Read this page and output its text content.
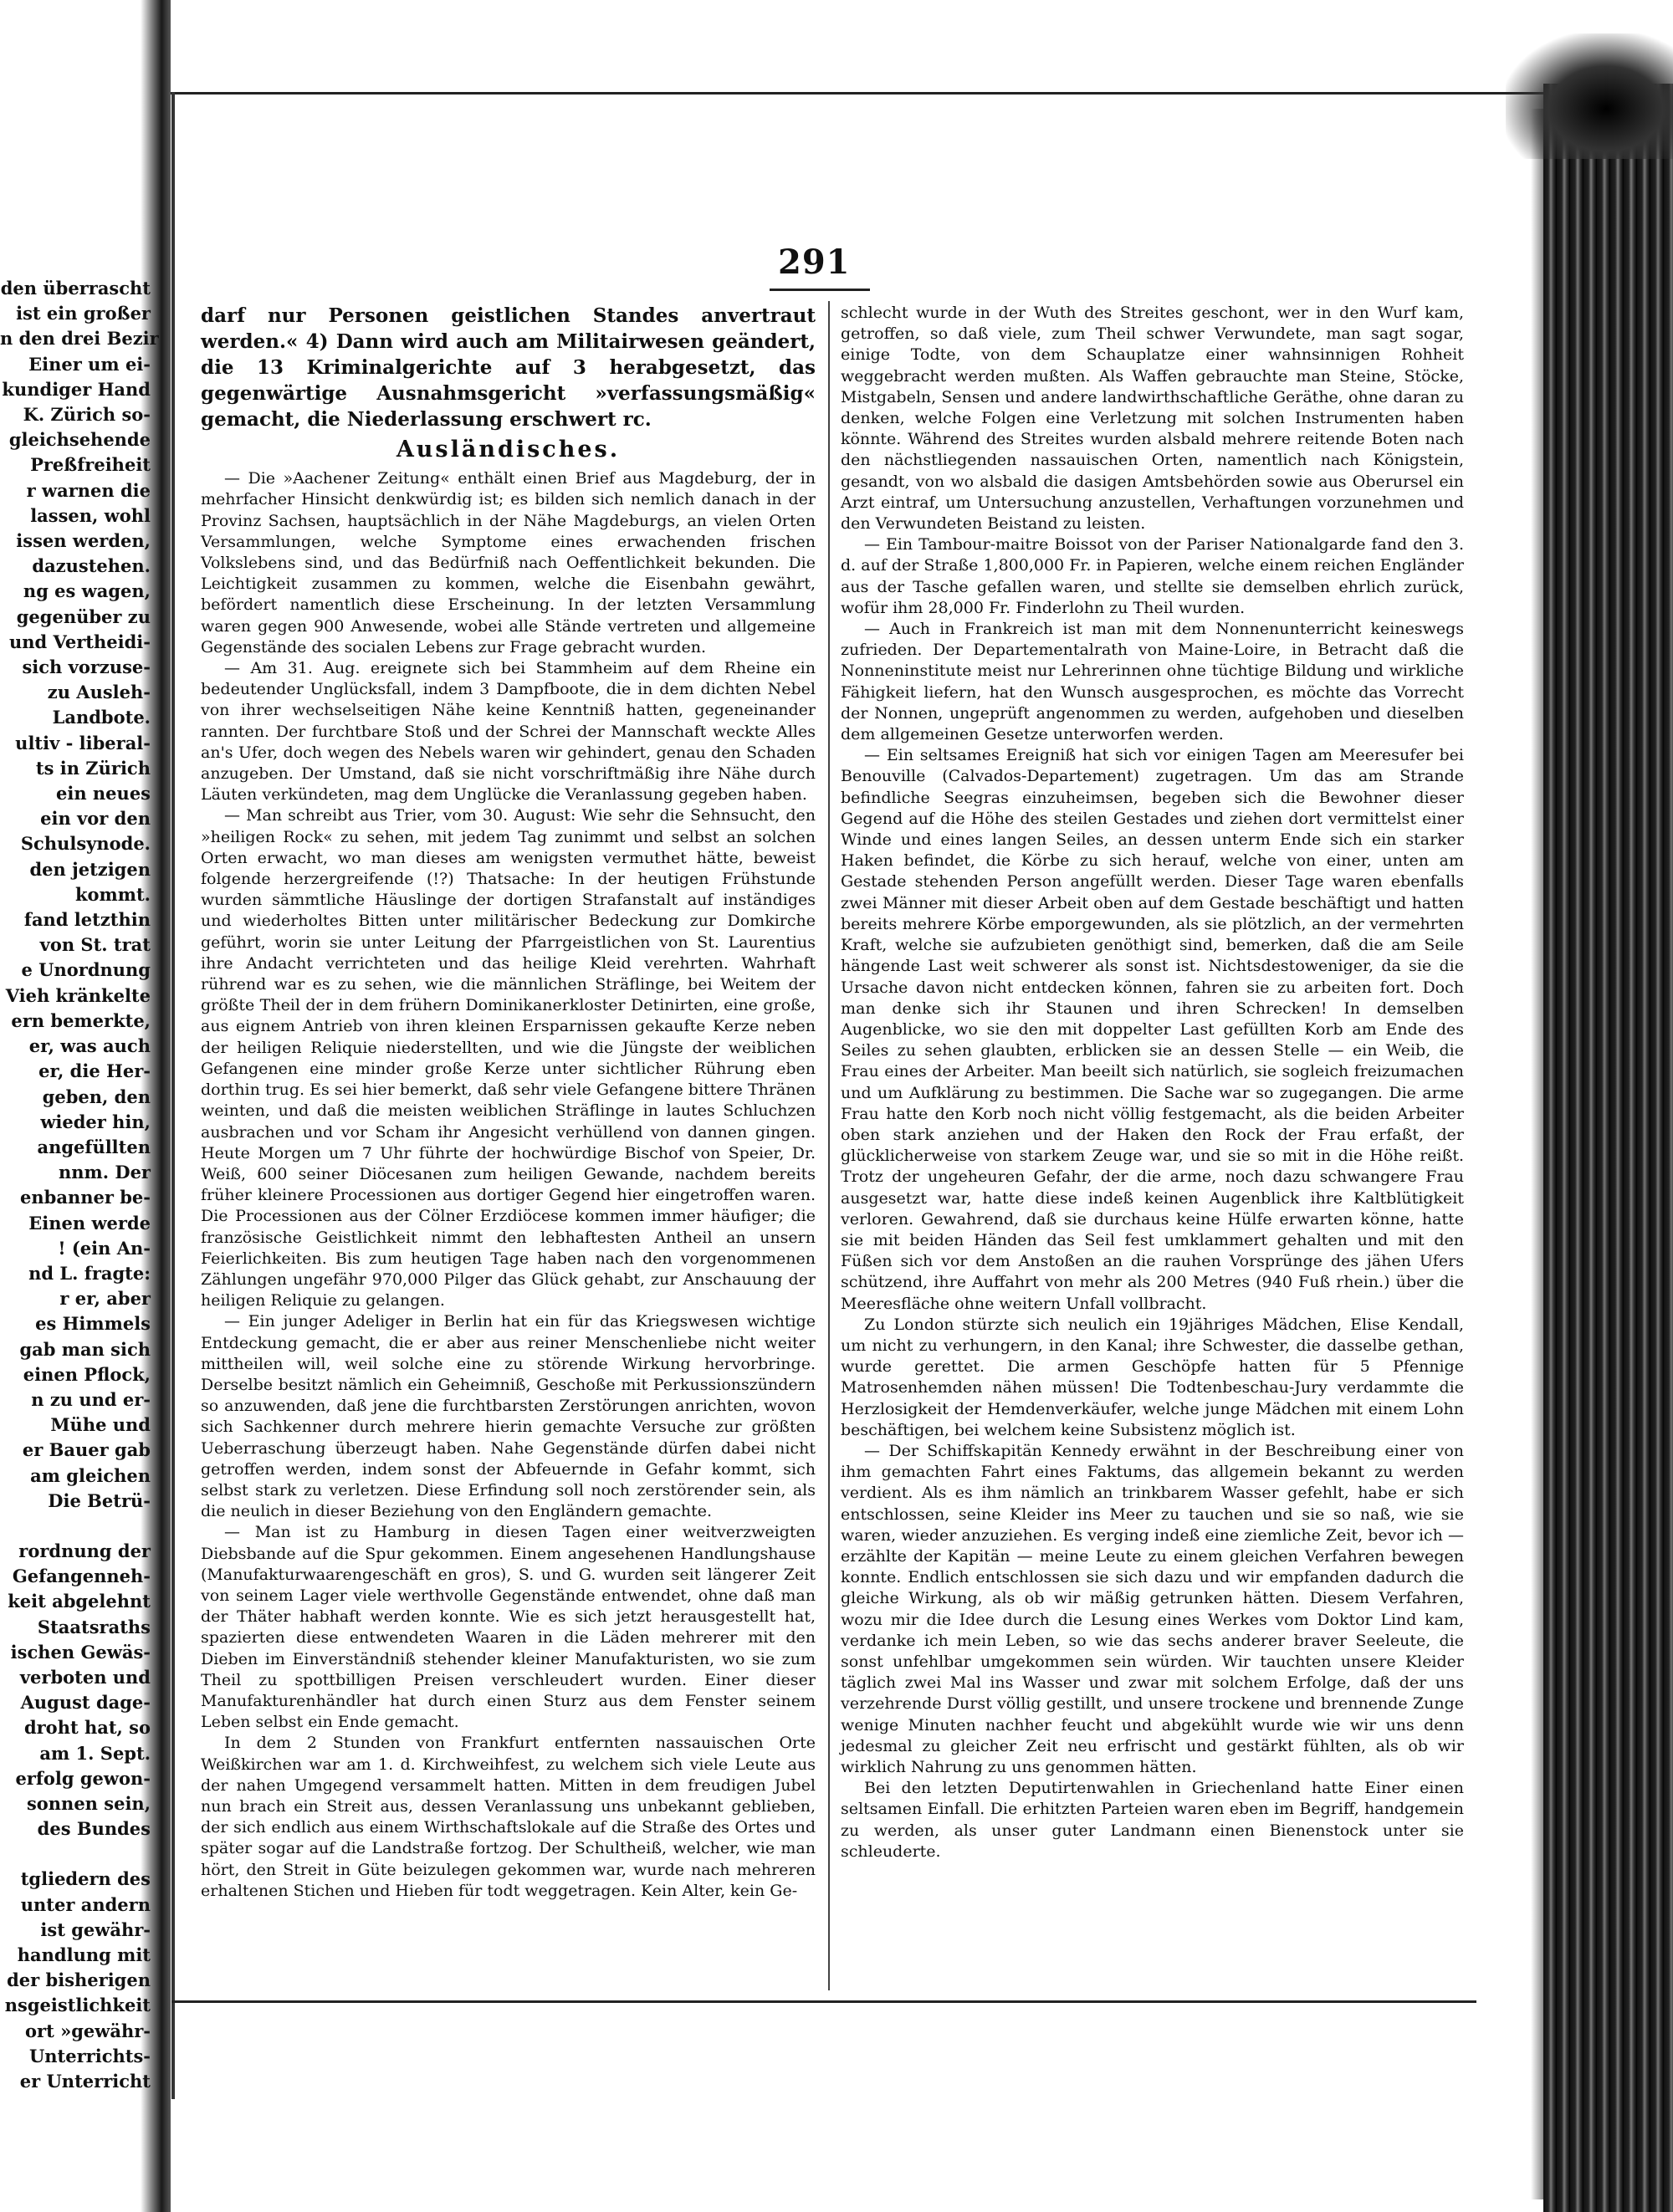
den überrascht
ist ein großer
n den drei Bezir
Einer um ei-
kundiger Hand
K. Zürich so-
gleichsehende
Preßfreiheit
r warnen die
lassen, wohl
issen werden,
dazustehen.
ng es wagen,
gegenüber zu
und Vertheidi-
sich vorzuse-
zu Ausleh-
Landbote.
ultiv - liberal-
ts in Zürich
ein neues
ein vor den
Schulsynode.
den jetzigen
kommt.
fand letzthin
von St. trat
e Unordnung
Vieh kränkelte
ern bemerkte,
er, was auch
er, die Her-
geben, den
wieder hin,
angefüllten
nnm. Der
enbanner be-
Einen werde
! (ein An-
nd L. fragte:
r er, aber
es Himmels
gab man sich
einen Pflock,
n zu und er-
Mühe und
er Bauer gab
am gleichen
Die Betrü-
rordnung der
Gefangenneh-
keit abgelehnt
Staatsraths
ischen Gewäs-
verboten und
August dage-
droht hat, so
am 1. Sept.
erfolg gewon-
sonnen sein,
des Bundes
tgliedern des
unter andern
ist gewähr-
handlung mit
der bisherigen
nsgeistlichkeit
ort »gewähr-
Unterrichts-
er Unterricht
291

darf nur Personen geistlichen Standes anvertraut werden.« 4) Dann wird auch am Militairwesen geändert, die 13 Kriminalgerichte auf 3 herabgesetzt, das gegenwärtige Ausnahmsgericht »verfassungsmäßig« gemacht, die Niederlassung erschwert rc.

Ausländisches.

— Die »Aachener Zeitung« enthält einen Brief aus Magdeburg, der in mehrfacher Hinsicht denkwürdig ist; es bilden sich nemlich danach in der Provinz Sachsen, hauptsächlich in der Nähe Magdeburgs, an vielen Orten Versammlungen, welche Symptome eines erwachenden frischen Volkslebens sind, und das Bedürfniß nach Oeffentlichkeit bekunden. Die Leichtigkeit zusammen zu kommen, welche die Eisenbahn gewährt, befördert namentlich diese Erscheinung. In der letzten Versammlung waren gegen 900 Anwesende, wobei alle Stände vertreten und allgemeine Gegenstände des socialen Lebens zur Frage gebracht wurden.

— Am 31. Aug. ereignete sich bei Stammheim auf dem Rheine ein bedeutender Unglücksfall, indem 3 Dampfboote, die in dem dichten Nebel von ihrer wechselseitigen Nähe keine Kenntniß hatten, gegeneinander rannten. Der furchtbare Stoß und der Schrei der Mannschaft weckte Alles an's Ufer, doch wegen des Nebels waren wir gehindert, genau den Schaden anzugeben. Der Umstand, daß sie nicht vorschriftmäßig ihre Nähe durch Läuten verkündeten, mag dem Unglücke die Veranlassung gegeben haben.

— Man schreibt aus Trier, vom 30. August: Wie sehr die Sehnsucht, den »heiligen Rock« zu sehen, mit jedem Tag zunimmt und selbst an solchen Orten erwacht, wo man dieses am wenigsten vermuthet hätte, beweist folgende herzergreifende (!?) Thatsache: In der heutigen Frühstunde wurden sämmtliche Häuslinge der dortigen Strafanstalt auf inständiges und wiederholtes Bitten unter militärischer Bedeckung zur Domkirche geführt, worin sie unter Leitung der Pfarrgeistlichen von St. Laurentius ihre Andacht verrichteten und das heilige Kleid verehrten. Wahrhaft rührend war es zu sehen, wie die männlichen Sträflinge, bei Weitem der größte Theil der in dem frühern Dominikanerkloster Detinirten, eine große, aus eignem Antrieb von ihren kleinen Ersparnissen gekaufte Kerze neben der heiligen Reliquie niederstellten, und wie die Jüngste der weiblichen Gefangenen eine minder große Kerze unter sichtlicher Rührung eben dorthin trug. Es sei hier bemerkt, daß sehr viele Gefangene bittere Thränen weinten, und daß die meisten weiblichen Sträflinge in lautes Schluchzen ausbrachen und vor Scham ihr Angesicht verhüllend von dannen gingen. Heute Morgen um 7 Uhr führte der hochwürdige Bischof von Speier, Dr. Weiß, 600 seiner Diöcesanen zum heiligen Gewande, nachdem bereits früher kleinere Processionen aus dortiger Gegend hier eingetroffen waren. Die Processionen aus der Cölner Erzdiöcese kommen immer häufiger; die französische Geistlichkeit nimmt den lebhaftesten Antheil an unsern Feierlichkeiten. Bis zum heutigen Tage haben nach den vorgenommenen Zählungen ungefähr 970,000 Pilger das Glück gehabt, zur Anschauung der heiligen Reliquie zu gelangen.

— Ein junger Adeliger in Berlin hat ein für das Kriegswesen wichtige Entdeckung gemacht, die er aber aus reiner Menschenliebe nicht weiter mittheilen will, weil solche eine zu störende Wirkung hervorbringe. Derselbe besitzt nämlich ein Geheimniß, Geschoße mit Perkussionszündern so anzuwenden, daß jene die furchtbarsten Zerstörungen anrichten, wovon sich Sachkenner durch mehrere hierin gemachte Versuche zur größten Ueberraschung überzeugt haben. Nahe Gegenstände dürfen dabei nicht getroffen werden, indem sonst der Abfeuernde in Gefahr kommt, sich selbst stark zu verletzen. Diese Erfindung soll noch zerstörender sein, als die neulich in dieser Beziehung von den Engländern gemachte.

— Man ist zu Hamburg in diesen Tagen einer weitverzweigten Diebsbande auf die Spur gekommen. Einem angesehenen Handlungshause (Manufakturwaarengeschäft en gros), S. und G. wurden seit längerer Zeit von seinem Lager viele werthvolle Gegenstände entwendet, ohne daß man der Thäter habhaft werden konnte. Wie es sich jetzt herausgestellt hat, spazierten diese entwendeten Waaren in die Läden mehrerer mit den Dieben im Einverständniß stehender kleiner Manufakturisten, wo sie zum Theil zu spottbilligen Preisen verschleudert wurden. Einer dieser Manufakturenhändler hat durch einen Sturz aus dem Fenster seinem Leben selbst ein Ende gemacht.

In dem 2 Stunden von Frankfurt entfernten nassauischen Orte Weißkirchen war am 1. d. Kirchweihfest, zu welchem sich viele Leute aus der nahen Umgegend versammelt hatten. Mitten in dem freudigen Jubel nun brach ein Streit aus, dessen Veranlassung uns unbekannt geblieben, der sich endlich aus einem Wirthschaftslokale auf die Straße des Ortes und später sogar auf die Landstraße fortzog. Der Schultheiß, welcher, wie man hört, den Streit in Güte beizulegen gekommen war, wurde nach mehreren erhaltenen Stichen und Hieben für todt weggetragen. Kein Alter, kein Ge-

schlecht wurde in der Wuth des Streites geschont, wer in den Wurf kam, getroffen, so daß viele, zum Theil schwer Verwundete, man sagt sogar, einige Todte, von dem Schauplatze einer wahnsinnigen Rohheit weggebracht werden mußten. Als Waffen gebrauchte man Steine, Stöcke, Mistgabeln, Sensen und andere landwirthschaftliche Geräthe, ohne daran zu denken, welche Folgen eine Verletzung mit solchen Instrumenten haben könnte. Während des Streites wurden alsbald mehrere reitende Boten nach den nächstliegenden nassauischen Orten, namentlich nach Königstein, gesandt, von wo alsbald die dasigen Amtsbehörden sowie aus Oberursel ein Arzt eintraf, um Untersuchung anzustellen, Verhaftungen vorzunehmen und den Verwundeten Beistand zu leisten.

— Ein Tambour-maitre Boissot von der Pariser Nationalgarde fand den 3. d. auf der Straße 1,800,000 Fr. in Papieren, welche einem reichen Engländer aus der Tasche gefallen waren, und stellte sie demselben ehrlich zurück, wofür ihm 28,000 Fr. Finderlohn zu Theil wurden.

— Auch in Frankreich ist man mit dem Nonnenunterricht keineswegs zufrieden. Der Departementalrath von Maine-Loire, in Betracht daß die Nonneninstitute meist nur Lehrerinnen ohne tüchtige Bildung und wirkliche Fähigkeit liefern, hat den Wunsch ausgesprochen, es möchte das Vorrecht der Nonnen, ungeprüft angenommen zu werden, aufgehoben und dieselben dem allgemeinen Gesetze unterworfen werden.

— Ein seltsames Ereigniß hat sich vor einigen Tagen am Meeresufer bei Benouville (Calvados-Departement) zugetragen. Um das am Strande befindliche Seegras einzuheimsen, begeben sich die Bewohner dieser Gegend auf die Höhe des steilen Gestades und ziehen dort vermittelst einer Winde und eines langen Seiles, an dessen unterm Ende sich ein starker Haken befindet, die Körbe zu sich herauf, welche von einer, unten am Gestade stehenden Person angefüllt werden. Dieser Tage waren ebenfalls zwei Männer mit dieser Arbeit oben auf dem Gestade beschäftigt und hatten bereits mehrere Körbe emporgewunden, als sie plötzlich, an der vermehrten Kraft, welche sie aufzubieten genöthigt sind, bemerken, daß die am Seile hängende Last weit schwerer als sonst ist. Nichtsdestoweniger, da sie die Ursache davon nicht entdecken können, fahren sie zu arbeiten fort. Doch man denke sich ihr Staunen und ihren Schrecken! In demselben Augenblicke, wo sie den mit doppelter Last gefüllten Korb am Ende des Seiles zu sehen glaubten, erblicken sie an dessen Stelle — ein Weib, die Frau eines der Arbeiter. Man beeilt sich natürlich, sie sogleich freizumachen und um Aufklärung zu bestimmen. Die Sache war so zugegangen. Die arme Frau hatte den Korb noch nicht völlig festgemacht, als die beiden Arbeiter oben stark anziehen und der Haken den Rock der Frau erfaßt, der glücklicherweise von starkem Zeuge war, und sie so mit in die Höhe reißt. Trotz der ungeheuren Gefahr, der die arme, noch dazu schwangere Frau ausgesetzt war, hatte diese indeß keinen Augenblick ihre Kaltblütigkeit verloren. Gewahrend, daß sie durchaus keine Hülfe erwarten könne, hatte sie mit beiden Händen das Seil fest umklammert gehalten und mit den Füßen sich vor dem Anstoßen an die rauhen Vorsprünge des jähen Ufers schützend, ihre Auffahrt von mehr als 200 Metres (940 Fuß rhein.) über die Meeresfläche ohne weitern Unfall vollbracht.

Zu London stürzte sich neulich ein 19jähriges Mädchen, Elise Kendall, um nicht zu verhungern, in den Kanal; ihre Schwester, die dasselbe gethan, wurde gerettet. Die armen Geschöpfe hatten für 5 Pfennige Matrosenhemden nähen müssen! Die Todtenbeschau-Jury verdammte die Herzlosigkeit der Hemdenverkäufer, welche junge Mädchen mit einem Lohn beschäftigen, bei welchem keine Subsistenz möglich ist.

— Der Schiffskapitän Kennedy erwähnt in der Beschreibung einer von ihm gemachten Fahrt eines Faktums, das allgemein bekannt zu werden verdient. Als es ihm nämlich an trinkbarem Wasser gefehlt, habe er sich entschlossen, seine Kleider ins Meer zu tauchen und sie so naß, wie sie waren, wieder anzuziehen. Es verging indeß eine ziemliche Zeit, bevor ich — erzählte der Kapitän — meine Leute zu einem gleichen Verfahren bewegen konnte. Endlich entschlossen sie sich dazu und wir empfanden dadurch die gleiche Wirkung, als ob wir mäßig getrunken hätten. Diesem Verfahren, wozu mir die Idee durch die Lesung eines Werkes vom Doktor Lind kam, verdanke ich mein Leben, so wie das sechs anderer braver Seeleute, die sonst unfehlbar umgekommen sein würden. Wir tauchten unsere Kleider täglich zwei Mal ins Wasser und zwar mit solchem Erfolge, daß der uns verzehrende Durst völlig gestillt, und unsere trockene und brennende Zunge wenige Minuten nachher feucht und abgekühlt wurde wie wir uns denn jedesmal zu gleicher Zeit neu erfrischt und gestärkt fühlten, als ob wir wirklich Nahrung zu uns genommen hätten.

Bei den letzten Deputirtenwahlen in Griechenland hatte Einer einen seltsamen Einfall. Die erhitzten Parteien waren eben im Begriff, handgemein zu werden, als unser guter Landmann einen Bienenstock unter sie schleuderte.
